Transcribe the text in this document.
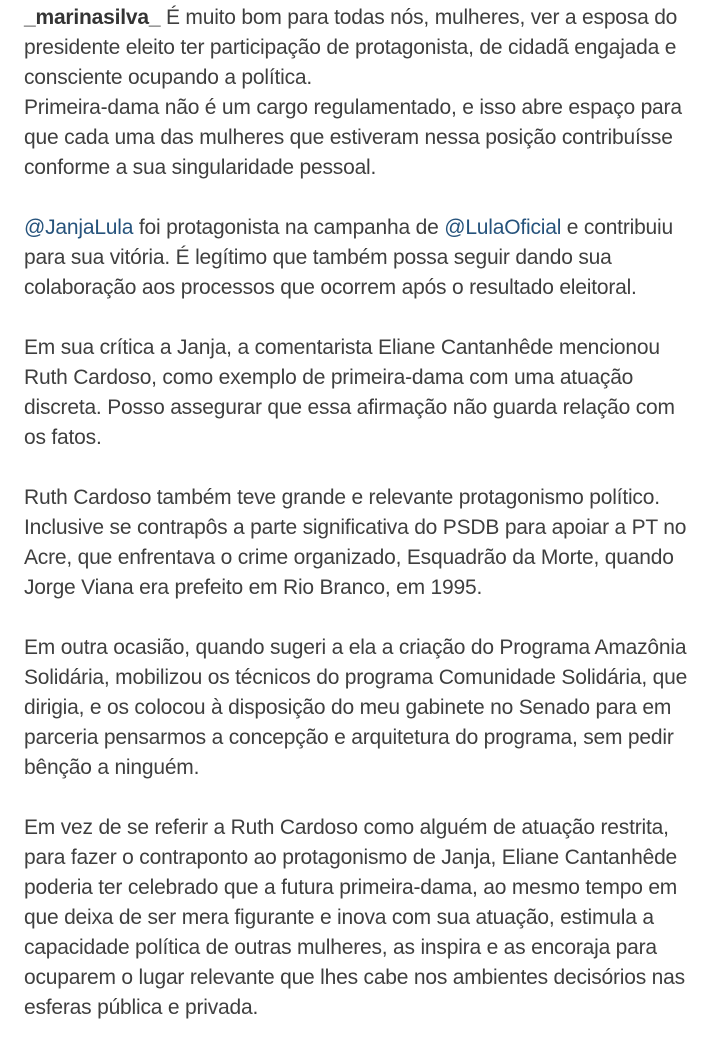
_marinasilva_ É muito bom para todas nós, mulheres, ver a esposa do presidente eleito ter participação de protagonista, de cidadã engajada e consciente ocupando a política.

Primeira-dama não é um cargo regulamentado, e isso abre espaço para que cada uma das mulheres que estiveram nessa posição contribuísse conforme a sua singularidade pessoal.

@JanjaLula foi protagonista na campanha de @LulaOficial e contribuiu para sua vitória. É legítimo que também possa seguir dando sua colaboração aos processos que ocorrem após o resultado eleitoral.

Em sua crítica a Janja, a comentarista Eliane Cantanhêde mencionou Ruth Cardoso, como exemplo de primeira-dama com uma atuação discreta. Posso assegurar que essa afirmação não guarda relação com os fatos.

Ruth Cardoso também teve grande e relevante protagonismo político. Inclusive se contrapôs a parte significativa do PSDB para apoiar a PT no Acre, que enfrentava o crime organizado, Esquadrão da Morte, quando Jorge Viana era prefeito em Rio Branco, em 1995.

Em outra ocasião, quando sugeri a ela a criação do Programa Amazônia Solidária, mobilizou os técnicos do programa Comunidade Solidária, que dirigia, e os colocou à disposição do meu gabinete no Senado para em parceria pensarmos a concepção e arquitetura do programa, sem pedir bênção a ninguém.

Em vez de se referir a Ruth Cardoso como alguém de atuação restrita, para fazer o contraponto ao protagonismo de Janja, Eliane Cantanhêde poderia ter celebrado que a futura primeira-dama, ao mesmo tempo em que deixa de ser mera figurante e inova com sua atuação, estimula a capacidade política de outras mulheres, as inspira e as encoraja para ocuparem o lugar relevante que lhes cabe nos ambientes decisórios nas esferas pública e privada.
